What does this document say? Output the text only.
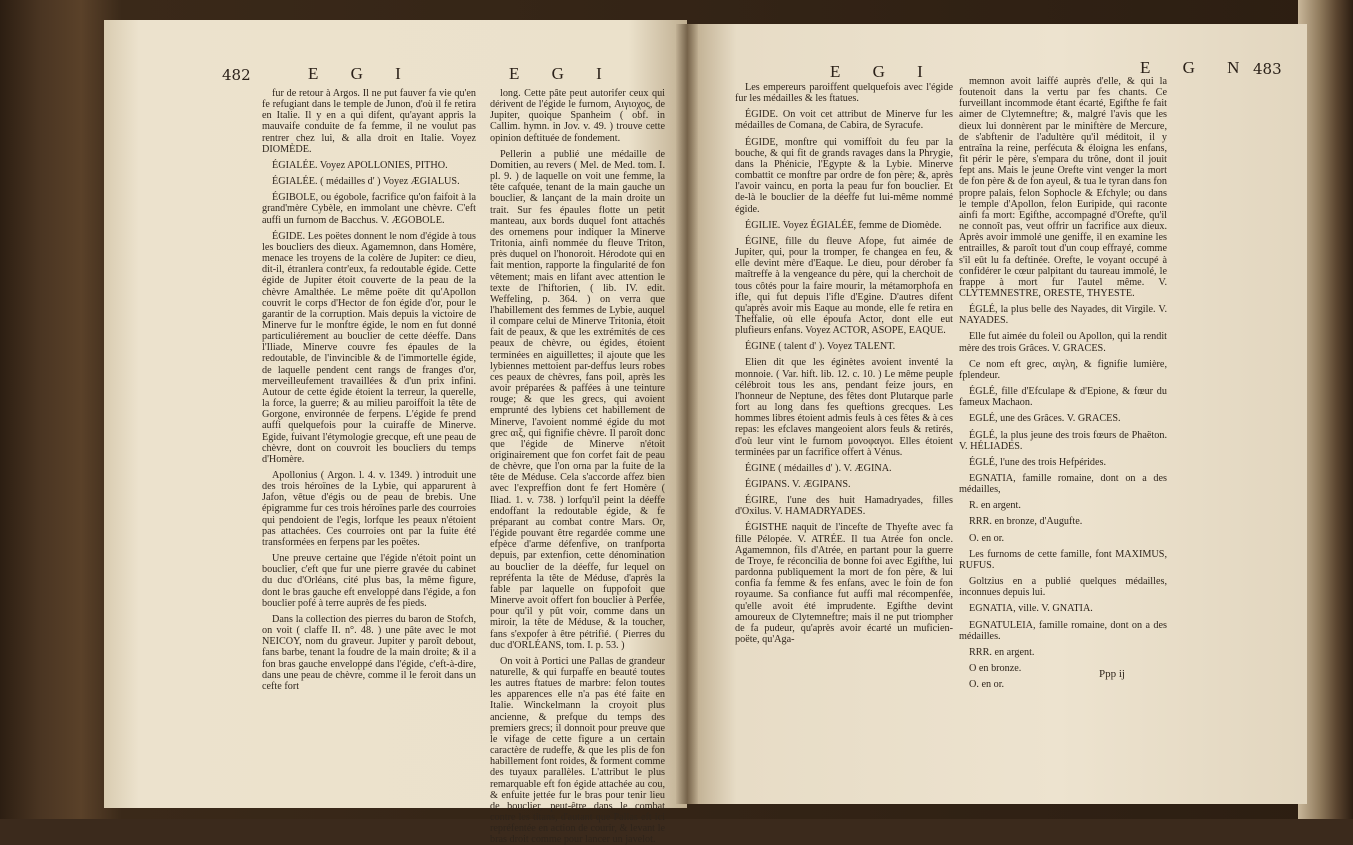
482	E G I	E G I

fur de retour à Argos. Il ne put fauver fa vie qu'en fe refugiant dans le temple de Junon, d'où il fe retira en Italie. Il y en a qui difent, qu'ayant appris la mauvaife conduite de fa femme, il ne voulut pas rentrer chez lui, & alla droit en Italie. Voyez DIOMÈDE.

ÉGIALÉE. Voyez APOLLONIES, PITHO.

ÉGIALÉE. ( médailles d' ) Voyez ÆGIALUS.

ÉGIBOLE, ou égobole, facrifice qu'on faifoit à la grand'mère Cybèle, en immolant une chèvre. C'eft auffi un furnom de Bacchus. V. ÆGOBOLE.

ÉGIDE. Les poëtes donnent le nom d'égide à tous les boucliers des dieux. Agamemnon, dans Homère, menace les troyens de la colère de Jupiter: ce dieu, dit-il, étranlera contr'eux, fa redoutable égide. Cette égide de Jupiter étoit couverte de la peau de la chèvre Amalthée. Le même poëte dit qu'Apollon couvrit le corps d'Hector de fon égide d'or, pour le garantir de la corruption. Mais depuis la victoire de Minerve fur le monftre égide, le nom en fut donné particuliérement au bouclier de cette déeffe. Dans l'Iliade, Minerve couvre fes épaules de la redoutable, de l'invincible & de l'immortelle égide, de laquelle pendent cent rangs de franges d'or, merveilleufement travaillées & d'un prix infini. Autour de cette égide étoient la terreur, la querelle, la force, la guerre; & au milieu paroiffoit la tête de Gorgone, environnée de ferpens. L'égide fe prend auffi quelquefois pour la cuiraffe de Minerve. Egide, fuivant l'étymologie grecque, eft une peau de chèvre, dont on couvroit les boucliers du temps d'Homère.

Apollonius ( Argon. l. 4. v. 1349. ) introduit une des trois héroïnes de la Lybie, qui apparurent à Jafon, vêtue d'égis ou de peau de brebis. Une épigramme fur ces trois héroïnes parle des courroies qui pendoient de l'egis, lorfque les peaux n'étoient pas attachées. Ces courroies ont par la fuite été transformées en ferpens par les poëtes.

Une preuve certaine que l'égide n'étoit point un bouclier, c'eft que fur une pierre gravée du cabinet du duc d'Orléans, cité plus bas, la même figure, dont le bras gauche eft enveloppé dans l'égide, a fon bouclier pofé à terre auprès de fes pieds.

Dans la collection des pierres du baron de Stofch, on voit ( claffe II. n°. 48. ) une pâte avec le mot NEICOY, nom du graveur. Jupiter y paroît debout, fans barbe, tenant la foudre de la main droite; & il a fon bras gauche enveloppé dans l'égide, c'eft-à-dire, dans une peau de chèvre, comme il le feroit dans un cefte fort

long. Cette pâte peut autorifer ceux qui dérivent de l'égide le furnom, Αιγιοχος, de Jupiter, quoique Spanheim ( obf. in Callim. hymn. in Jov. v. 49. ) trouve cette opinion deftituée de fondement.

Pellerin a publié une médaille de Domitien, au revers ( Mel. de Med. tom. I. pl. 9. ) de laquelle on voit une femme, la tête cafquée, tenant de la main gauche un bouclier, & lançant de la main droite un trait. Sur fes épaules flotte un petit manteau, aux bords duquel font attachés des ornemens pour indiquer la Minerve Tritonia, ainfi nommée du fleuve Triton, près duquel on l'honoroit. Hérodote qui en fait mention, rapporte la fingularité de fon vêtement; mais en lifant avec attention le texte de l'hiftorien, ( lib. IV. edit. Weffeling, p. 364. ) on verra que l'habillement des femmes de Lybie, auquel il compare celui de Minerve Tritonia, étoit fait de peaux, & que les extrémités de ces peaux de chèvre, ou égides, étoient terminées en aiguillettes; il ajoute que les lybiennes mettoient par-deffus leurs robes ces peaux de chèvres, fans poil, après les avoir préparées & paffées à une teinture rouge; & que les grecs, qui avoient emprunté des lybiens cet habillement de Minerve, l'avoient nommé égide du mot grec αιξ, qui fignifie chèvre. Il paroît donc que l'égide de Minerve n'étoit originairement que fon corfet fait de peau de chèvre, que l'on orna par la fuite de la tête de Méduse. Cela s'accorde affez bien avec l'expreffion dont fe fert Homère ( Iliad. 1. v. 738. ) lorfqu'il peint la déeffe endoffant la redoutable égide, & fe préparant au combat contre Mars. Or, l'égide pouvant être regardée comme une efpèce d'arme défenfive, on tranfporta depuis, par extenfion, cette dénomination au bouclier de la déeffe, fur lequel on repréfenta la tête de Méduse, d'après la fable par laquelle on fuppofoit que Minerve avoit offert fon bouclier à Perfée, pour qu'il y pût voir, comme dans un miroir, la tête de Méduse, & la toucher, fans s'expofer à être pétrifié. ( Pierres du duc d'ORLÉANS, tom. I. p. 53. )

On voit à Portici une Pallas de grandeur naturelle, & qui furpaffe en beauté toutes les autres ftatues de marbre: felon toutes les apparences elle n'a pas été faite en Italie. Winckelmann la croyoit plus ancienne, & prefque du temps des premiers grecs; il donnoit pour preuve que le vifage de cette figure a un certain caractère de rudeffe, & que les plis de fon habillement font roides, & forment comme des tuyaux parallèles. L'attribut le plus remarquable eft fon égide attachée au cou, & enfuite jettée fur le bras pour tenir lieu de bouclier, peut-être dans le combat contre les titans, d'autant que Pallas eft ici repréfentée en action de courir, & levant le bras droit comme pour lancer un javelot.

E G I	E G N 483

Les empereurs paroiffent quelquefois avec l'égide fur les médailles & les ftatues.

ÉGIDE. On voit cet attribut de Minerve fur les médailles de Comana, de Cabira, de Syracufe.

ÉGIDE, monftre qui vomiffoit du feu par la bouche, & qui fit de grands ravages dans la Phrygie, dans la Phénicie, l'Egypte & la Lybie. Minerve combattit ce monftre par ordre de fon père; &, après l'avoir vaincu, en porta la peau fur fon bouclier. Et de-là le bouclier de la déeffe fut lui-même nommé égide.

ÉGILIE. Voyez ÉGIALÉE, femme de Diomède.

ÉGINE, fille du fleuve Afope, fut aimée de Jupiter, qui, pour la tromper, fe changea en feu, & elle devint mère d'Eaque. Le dieu, pour dérober fa maîtreffe à la vengeance du père, qui la cherchoit de tous côtés pour la faire mourir, la métamorphofa en ifle, qui fut depuis l'ifle d'Egine. D'autres difent qu'après avoir mis Eaque au monde, elle fe retira en Theffalie, où elle époufa Actor, dont elle eut plufieurs enfans. Voyez ACTOR, ASOPE, EAQUE.

ÉGINE ( talent d' ). Voyez TALENT.

Elien dit que les éginètes avoient inventé la monnoie. ( Var. hift. lib. 12. c. 10. ) Le même peuple célébroit tous les ans, pendant feize jours, en l'honneur de Neptune, des fêtes dont Plutarque parle fort au long dans fes queftions grecques. Les hommes libres étoient admis feuls à ces fêtes & à ces repas: les efclaves mangeoient alors feuls & retirés, d'où leur vint le furnom μονοφαγοι. Elles étoient terminées par un facrifice offert à Vénus.

ÉGINE ( médailles d' ). V. ÆGINA.

ÉGIPANS. V. ÆGIPANS.

ÉGIRE, l'une des huit Hamadryades, filles d'Oxilus. V. HAMADRYADES.

ÉGISTHE naquit de l'incefte de Thyefte avec fa fille Pélopée. V. ATRÉE. Il tua Atrée fon oncle. Agamemnon, fils d'Atrée, en partant pour la guerre de Troye, fe réconcilia de bonne foi avec Egifthe, lui pardonna publiquement la mort de fon père, & lui confia fa femme & fes enfans, avec le foin de fon royaume. Sa confiance fut auffi mal récompenfée, qu'elle avoit été imprudente. Egifthe devint amoureux de Clytemneftre; mais il ne put triompher de fa pudeur, qu'après avoir écarté un muficien-poëte, qu'Aga-

memnon avoit laiffé auprès d'elle, & qui la foutenoit dans la vertu par fes chants. Ce furveillant incommode étant écarté, Egifthe fe fait aimer de Clytemneftre; &, malgré l'avis que les dieux lui donnèrent par le miniftère de Mercure, de s'abftenir de l'adultère qu'il méditoit, il y entraîna la reine, perfécuta & éloigna les enfans, fit périr le père, s'empara du trône, dont il jouit fept ans. Mais le jeune Orefte vint venger la mort de fon père & de fon ayeul, & tua le tyran dans fon propre palais, felon Sophocle & Efchyle; ou dans le temple d'Apollon, felon Euripide, qui raconte ainfi fa mort: Egifthe, accompagné d'Orefte, qu'il ne connoît pas, veut offrir un facrifice aux dieux. Après avoir immolé une geniffe, il en examine les entrailles, & paroît tout d'un coup effrayé, comme s'il eût lu fa deftinée. Orefte, le voyant occupé à confidérer le cœur palpitant du taureau immolé, le frappe à mort fur l'autel même. V. CLYTEMNESTRE, ORESTE, THYESTE.

ÉGLÉ, la plus belle des Nayades, dit Virgile. V. NAYADES.

Elle fut aimée du foleil ou Apollon, qui la rendit mère des trois Grâces. V. GRACES.

Ce nom eft grec, αιγλη, & fignifie lumière, fplendeur.

ÉGLÉ, fille d'Efculape & d'Epione, & fœur du fameux Machaon.

EGLÉ, une des Grâces. V. GRACES.

ÉGLÉ, la plus jeune des trois fœurs de Phaëton. V. HÉLIADES.

ÉGLÉ, l'une des trois Hefpérides.

EGNATIA, famille romaine, dont on a des médailles,

R. en argent.

RRR. en bronze, d'Augufte.

O. en or.

Les furnoms de cette famille, font MAXIMUS, RUFUS.

Goltzius en a publié quelques médailles, inconnues depuis lui.

EGNATIA, ville. V. GNATIA.

EGNATULEIA, famille romaine, dont on a des médailles.

RRR. en argent.

O en bronze.

O. en or.

Ppp ij
